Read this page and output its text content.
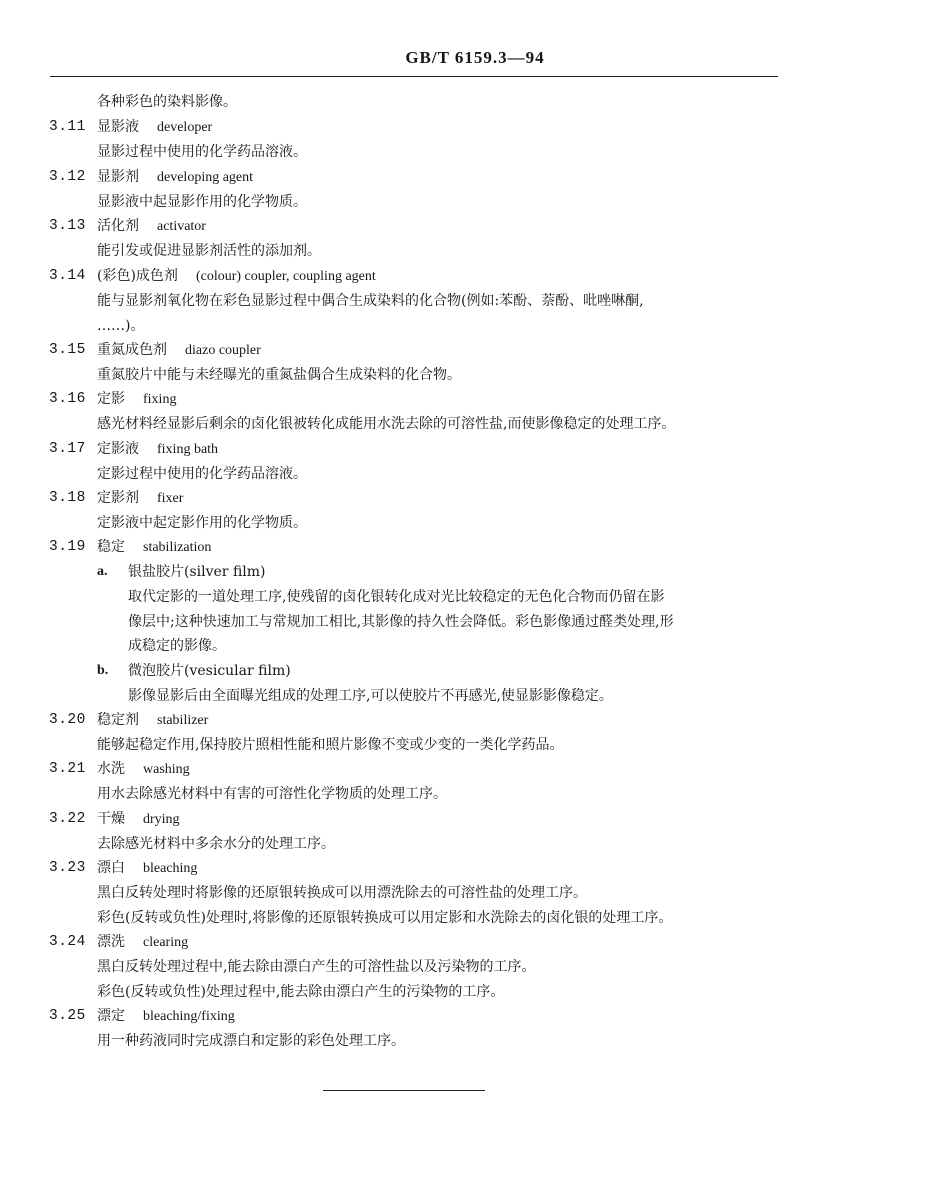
GB/T 6159.3—94
各种彩色的染料影像。
3.11 显影液 developer
显影过程中使用的化学药品溶液。
3.12 显影剂 developing agent
显影液中起显影作用的化学物质。
3.13 活化剂 activator
能引发或促进显影剂活性的添加剂。
3.14 (彩色)成色剂 (colour) coupler, coupling agent
能与显影剂氧化物在彩色显影过程中偶合生成染料的化合物(例如:苯酚、萘酚、吡唑啉酮,
……)。
3.15 重氮成色剂 diazo coupler
重氮胶片中能与未经曝光的重氮盐偶合生成染料的化合物。
3.16 定影 fixing
感光材料经显影后剩余的卤化银被转化成能用水洗去除的可溶性盐,而使影像稳定的处理工序。
3.17 定影液 fixing bath
定影过程中使用的化学药品溶液。
3.18 定影剂 fixer
定影液中起定影作用的化学物质。
3.19 稳定 stabilization
a. 银盐胶片(silver film)
取代定影的一道处理工序,使残留的卤化银转化成对光比较稳定的无色化合物而仍留在影
像层中;这种快速加工与常规加工相比,其影像的持久性会降低。彩色影像通过醛类处理,形
成稳定的影像。
b. 微泡胶片(vesicular film)
影像显影后由全面曝光组成的处理工序,可以使胶片不再感光,使显影影像稳定。
3.20 稳定剂 stabilizer
能够起稳定作用,保持胶片照相性能和照片影像不变或少变的一类化学药品。
3.21 水洗 washing
用水去除感光材料中有害的可溶性化学物质的处理工序。
3.22 干燥 drying
去除感光材料中多余水分的处理工序。
3.23 漂白 bleaching
黑白反转处理时将影像的还原银转换成可以用漂洗除去的可溶性盐的处理工序。
彩色(反转或负性)处理时,将影像的还原银转换成可以用定影和水洗除去的卤化银的处理工序。
3.24 漂洗 clearing
黑白反转处理过程中,能去除由漂白产生的可溶性盐以及污染物的工序。
彩色(反转或负性)处理过程中,能去除由漂白产生的污染物的工序。
3.25 漂定 bleaching/fixing
用一种药液同时完成漂白和定影的彩色处理工序。
